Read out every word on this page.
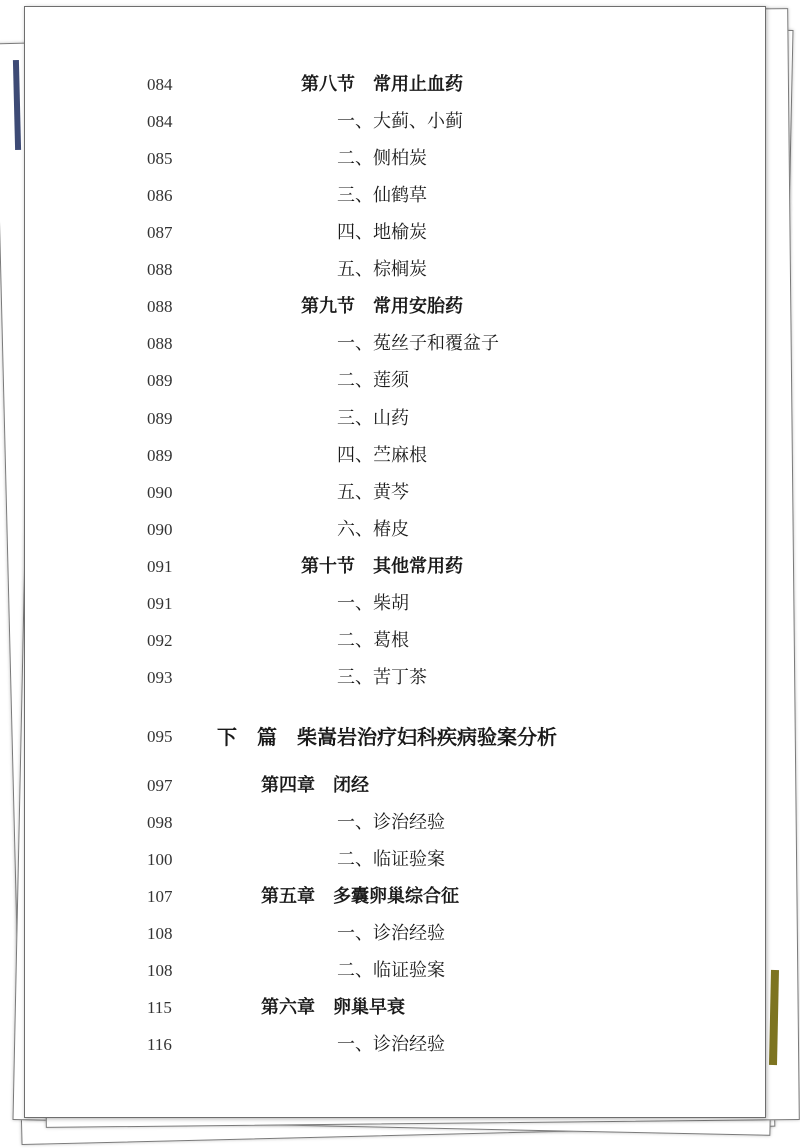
084	第八节　常用止血药
084	一、大蓟、小蓟
085	二、侧柏炭
086	三、仙鹤草
087	四、地榆炭
088	五、棕榈炭
088	第九节　常用安胎药
088	一、菟丝子和覆盆子
089	二、莲须
089	三、山药
089	四、苎麻根
090	五、黄芩
090	六、椿皮
091	第十节　其他常用药
091	一、柴胡
092	二、葛根
093	三、苦丁茶
095 下　篇　柴嵩岩治疗妇科疾病验案分析
097	第四章　闭经
098	一、诊治经验
100	二、临证验案
107	第五章　多囊卵巢综合征
108	一、诊治经验
108	二、临证验案
115	第六章　卵巢早衰
116	一、诊治经验
